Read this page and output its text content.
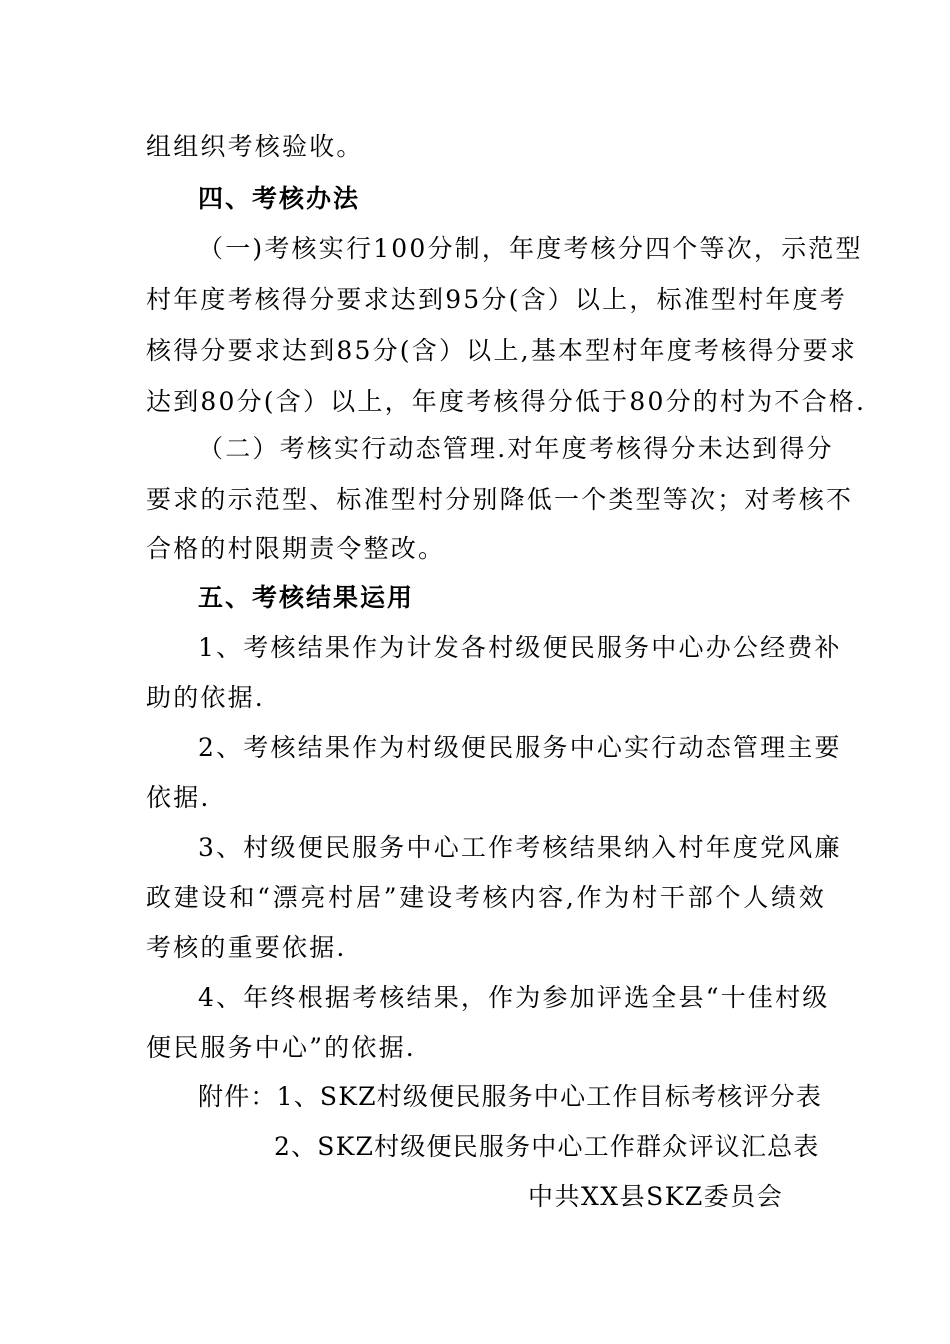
组组织考核验收。
四、考核办法
（一)考核实行100分制，年度考核分四个等次，示范型
村年度考核得分要求达到95分(含）以上，标准型村年度考
核得分要求达到85分(含）以上,基本型村年度考核得分要求
达到80分(含）以上，年度考核得分低于80分的村为不合格.
（二）考核实行动态管理.对年度考核得分未达到得分
要求的示范型、标准型村分别降低一个类型等次；对考核不
合格的村限期责令整改。
五、考核结果运用
1、考核结果作为计发各村级便民服务中心办公经费补
助的依据.
2、考核结果作为村级便民服务中心实行动态管理主要
依据.
3、村级便民服务中心工作考核结果纳入村年度党风廉
政建设和“漂亮村居”建设考核内容,作为村干部个人绩效
考核的重要依据.
4、年终根据考核结果，作为参加评选全县“十佳村级
便民服务中心”的依据.
附件：1、SKZ村级便民服务中心工作目标考核评分表
2、SKZ村级便民服务中心工作群众评议汇总表
中共XX县SKZ委员会
